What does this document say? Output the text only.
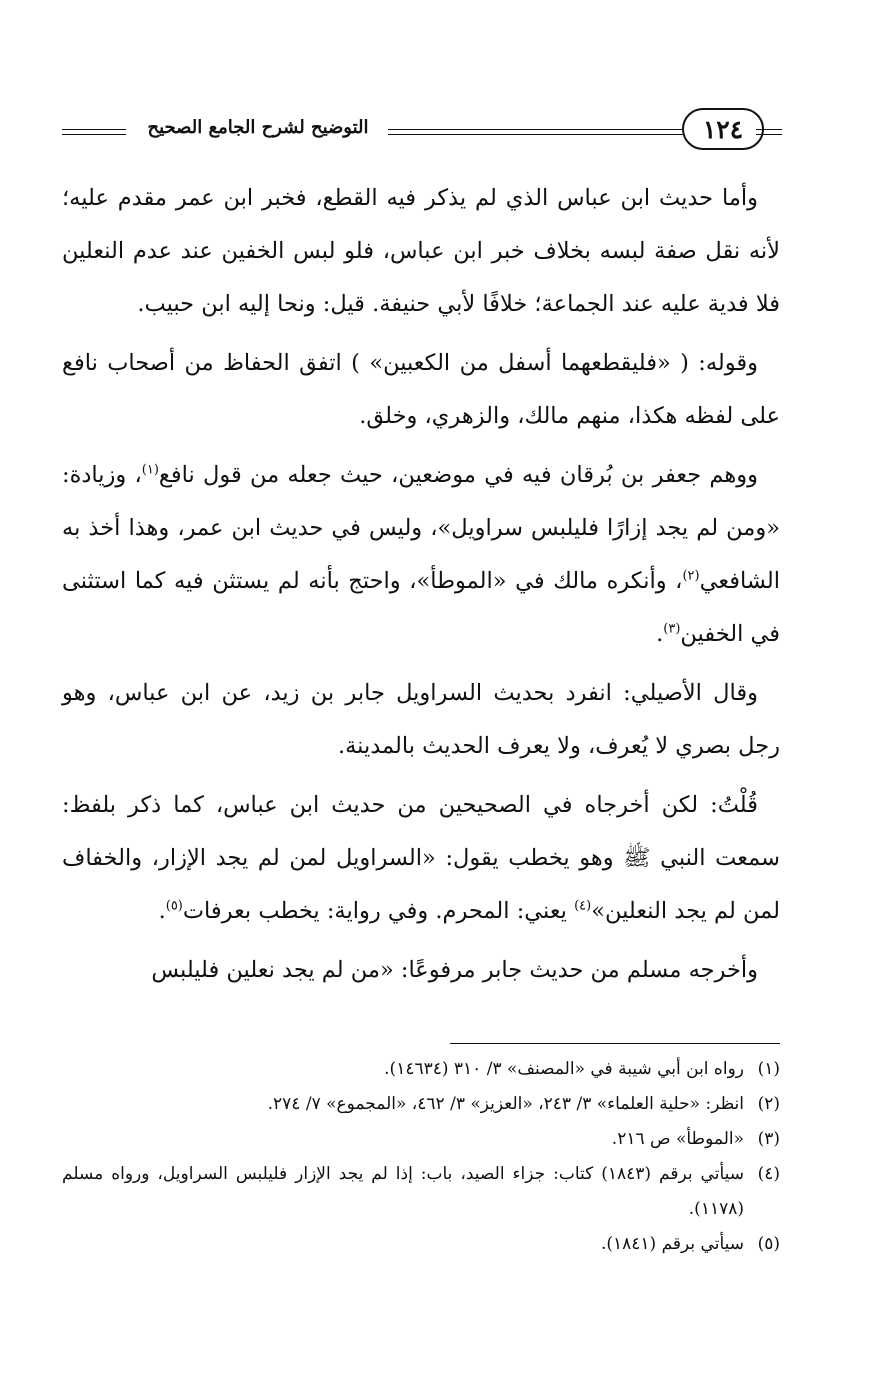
التوضيح لشرح الجامع الصحيح	١٢٤

وأما حديث ابن عباس الذي لم يذكر فيه القطع، فخبر ابن عمر مقدم عليه؛ لأنه نقل صفة لبسه بخلاف خبر ابن عباس، فلو لبس الخفين عند عدم النعلين فلا فدية عليه عند الجماعة؛ خلافًا لأبي حنيفة. قيل: ونحا إليه ابن حبيب.

وقوله: ( «فليقطعهما أسفل من الكعبين» ) اتفق الحفاظ من أصحاب نافع على لفظه هكذا، منهم مالك، والزهري، وخلق.

ووهم جعفر بن بُرقان فيه في موضعين، حيث جعله من قول نافع$^{(١)}$، وزيادة: «ومن لم يجد إزارًا فليلبس سراويل»، وليس في حديث ابن عمر، وهذا أخذ به الشافعي$^{(٢)}$، وأنكره مالك في «الموطأ»، واحتج بأنه لم يستثن فيه كما استثنى في الخفين$^{(٣)}$.

وقال الأصيلي: انفرد بحديث السراويل جابر بن زيد، عن ابن عباس، وهو رجل بصري لا يُعرف، ولا يعرف الحديث بالمدينة.

قُلْتُ: لكن أخرجاه في الصحيحين من حديث ابن عباس، كما ذكر بلفظ: سمعت النبي ﷺ وهو يخطب يقول: «السراويل لمن لم يجد الإزار، والخفاف لمن لم يجد النعلين»$^{(٤)}$ يعني: المحرم. وفي رواية: يخطب بعرفات$^{(٥)}$.

وأخرجه مسلم من حديث جابر مرفوعًا: «من لم يجد نعلين فليلبس

(١)
رواه ابن أبي شيبة في «المصنف» ٣/ ٣١٠ (١٤٦٣٤).
(٢)
انظر: «حلية العلماء» ٣/ ٢٤٣، «العزيز» ٣/ ٤٦٢، «المجموع» ٧/ ٢٧٤.
(٣)
«الموطأ» ص ٢١٦.
(٤)
سيأتي برقم (١٨٤٣) كتاب: جزاء الصيد، باب: إذا لم يجد الإزار فليلبس السراويل، ورواه مسلم (١١٧٨).
(٥)
سيأتي برقم (١٨٤١).
